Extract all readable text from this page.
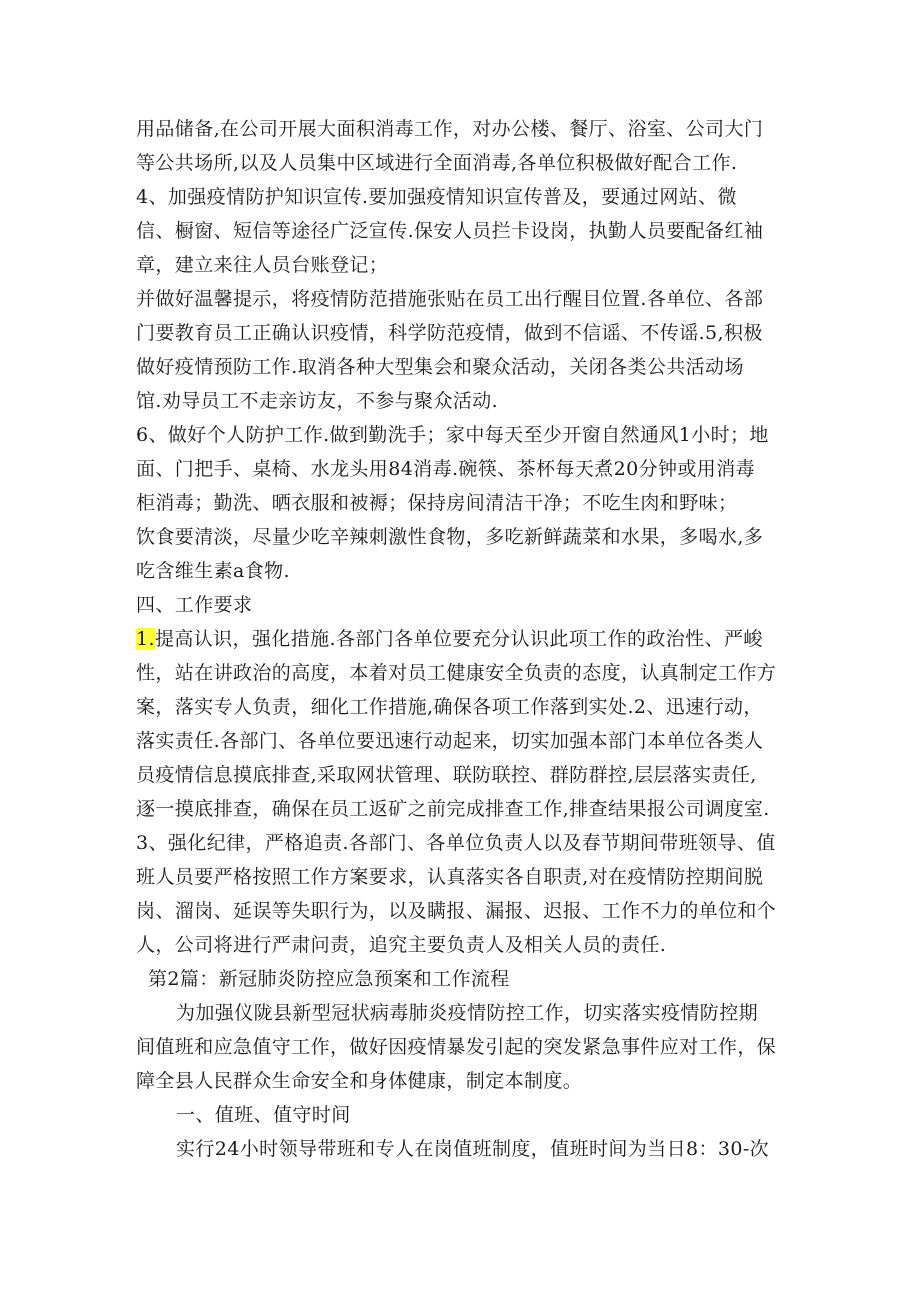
用品储备,在公司开展大面积消毒工作，对办公楼、餐厅、浴室、公司大门
等公共场所,以及人员集中区域进行全面消毒,各单位积极做好配合工作.
4、加强疫情防护知识宣传.要加强疫情知识宣传普及，要通过网站、微
信、橱窗、短信等途径广泛宣传.保安人员拦卡设岗，执勤人员要配备红袖
章，建立来往人员台账登记；
并做好温馨提示，将疫情防范措施张贴在员工出行醒目位置.各单位、各部
门要教育员工正确认识疫情，科学防范疫情，做到不信谣、不传谣.5,积极
做好疫情预防工作.取消各种大型集会和聚众活动，关闭各类公共活动场
馆.劝导员工不走亲访友，不参与聚众活动.
6、做好个人防护工作.做到勤洗手；家中每天至少开窗自然通风1小时；地
面、门把手、桌椅、水龙头用84消毒.碗筷、茶杯每天煮20分钟或用消毒
柜消毒；勤洗、晒衣服和被褥；保持房间清洁干净；不吃生肉和野味；
饮食要清淡，尽量少吃辛辣刺激性食物，多吃新鲜蔬菜和水果，多喝水,多
吃含维生素a食物.
四、工作要求
1.提高认识，强化措施.各部门各单位要充分认识此项工作的政治性、严峻
性，站在讲政治的高度，本着对员工健康安全负责的态度，认真制定工作方
案，落实专人负责，细化工作措施,确保各项工作落到实处.2、迅速行动，
落实责任.各部门、各单位要迅速行动起来，切实加强本部门本单位各类人
员疫情信息摸底排查,采取网状管理、联防联控、群防群控,层层落实责任,
逐一摸底排查，确保在员工返矿之前完成排查工作,排查结果报公司调度室.
3、强化纪律，严格追责.各部门、各单位负责人以及春节期间带班领导、值
班人员要严格按照工作方案要求，认真落实各自职责,对在疫情防控期间脱
岗、溜岗、延误等失职行为，以及瞒报、漏报、迟报、工作不力的单位和个
人，公司将进行严肃问责，追究主要负责人及相关人员的责任.
第2篇：新冠肺炎防控应急预案和工作流程
为加强仪陇县新型冠状病毒肺炎疫情防控工作，切实落实疫情防控期
间值班和应急值守工作，做好因疫情暴发引起的突发紧急事件应对工作，保
障全县人民群众生命安全和身体健康，制定本制度。
一、值班、值守时间
实行24小时领导带班和专人在岗值班制度，值班时间为当日8：30-次
